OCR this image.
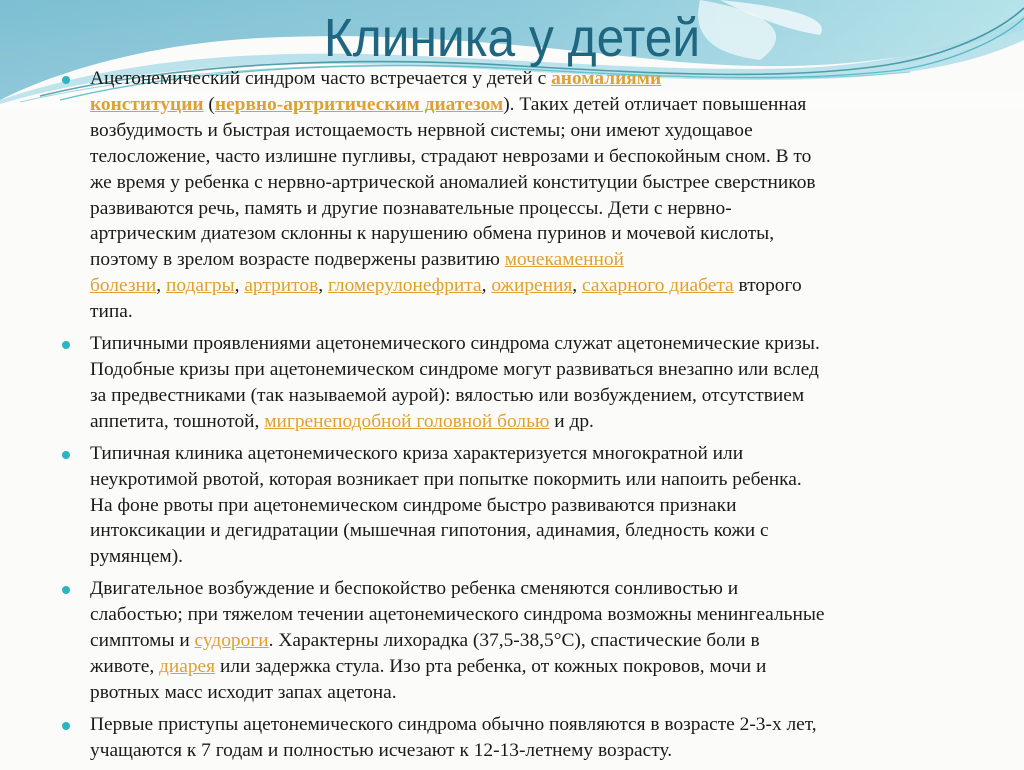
Клиника у детей
Ацетонемический синдром часто встречается у детей с аномалиями
конституции (нервно-артритическим диатезом). Таких детей отличает повышенная
возбудимость и быстрая истощаемость нервной системы; они имеют худощавое
телосложение, часто излишне пугливы, страдают неврозами и беспокойным сном. В то
же время у ребенка с нервно-артрической аномалией конституции быстрее сверстников
развиваются речь, память и другие познавательные процессы. Дети с нервно-
артрическим диатезом склонны к нарушению обмена пуринов и мочевой кислоты,
поэтому в зрелом возрасте подвержены развитию мочекаменной
болезни, подагры, артритов, гломерулонефрита, ожирения, сахарного диабета второго
типа.
Типичными проявлениями ацетонемического синдрома служат ацетонемические кризы.
Подобные кризы при ацетонемическом синдроме могут развиваться внезапно или вслед
за предвестниками (так называемой аурой): вялостью или возбуждением, отсутствием
аппетита, тошнотой, мигренеподобной головной болью и др.
Типичная клиника ацетонемического криза характеризуется многократной или
неукротимой рвотой, которая возникает при попытке покормить или напоить ребенка.
На фоне рвоты при ацетонемическом синдроме быстро развиваются признаки
интоксикации и дегидратации (мышечная гипотония, адинамия, бледность кожи с
румянцем).
Двигательное возбуждение и беспокойство ребенка сменяются сонливостью и
слабостью; при тяжелом течении ацетонемического синдрома возможны менингеальные
симптомы и судороги. Характерны лихорадка (37,5-38,5°С), спастические боли в
животе, диарея или задержка стула. Изо рта ребенка, от кожных покровов, мочи и
рвотных масс исходит запах ацетона.
Первые приступы ацетонемического синдрома обычно появляются в возрасте 2-3-х лет,
учащаются к 7 годам и полностью исчезают к 12-13-летнему возрасту.
